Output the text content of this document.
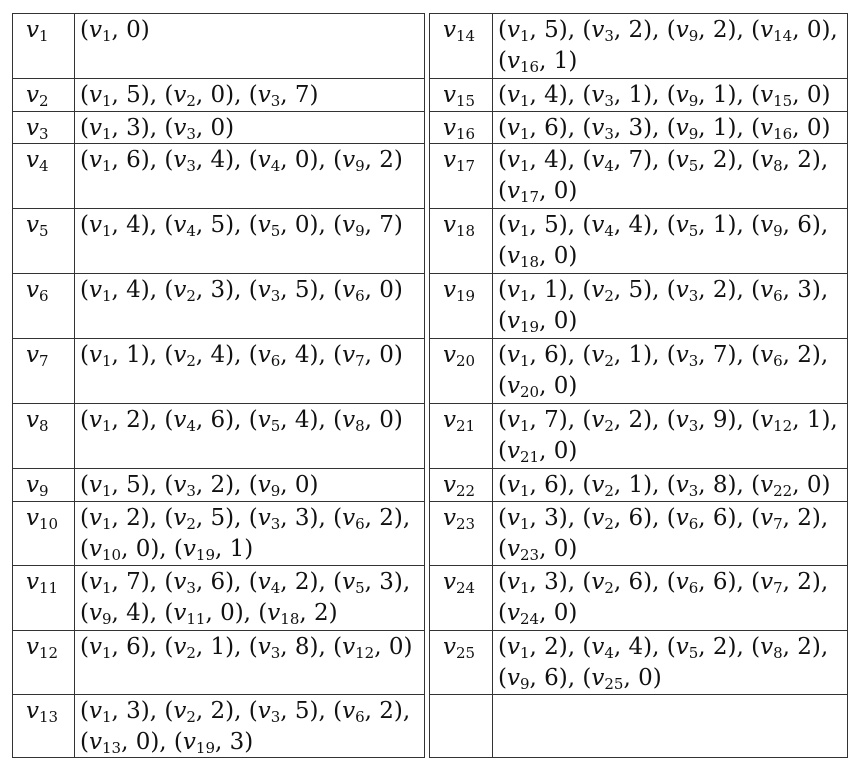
$v_1$ ($v_1$, 0)
$v_2$ ($v_1$, 5), ($v_2$, 0), ($v_3$, 7)
$v_3$ ($v_1$, 3), ($v_3$, 0)
$v_4$ ($v_1$, 6), ($v_3$, 4), ($v_4$, 0), ($v_9$, 2)
$v_5$ ($v_1$, 4), ($v_4$, 5), ($v_5$, 0), ($v_9$, 7)
$v_6$ ($v_1$, 4), ($v_2$, 3), ($v_3$, 5), ($v_6$, 0)
$v_7$ ($v_1$, 1), ($v_2$, 4), ($v_6$, 4), ($v_7$, 0)
$v_8$ ($v_1$, 2), ($v_4$, 6), ($v_5$, 4), ($v_8$, 0)
$v_9$ ($v_1$, 5), ($v_3$, 2), ($v_9$, 0)
$v_{10}$ ($v_1$, 2), ($v_2$, 5), ($v_3$, 3), ($v_6$, 2),
($v_{10}$, 0), ($v_{19}$, 1)
$v_{11}$ ($v_1$, 7), ($v_3$, 6), ($v_4$, 2), ($v_5$, 3),
($v_9$, 4), ($v_{11}$, 0), ($v_{18}$, 2)
$v_{12}$ ($v_1$, 6), ($v_2$, 1), ($v_3$, 8), ($v_{12}$, 0)
$v_{13}$ ($v_1$, 3), ($v_2$, 2), ($v_3$, 5), ($v_6$, 2),
($v_{13}$, 0), ($v_{19}$, 3)
$v_{14}$ ($v_1$, 5), ($v_3$, 2), ($v_9$, 2), ($v_{14}$, 0),
($v_{16}$, 1)
$v_{15}$ ($v_1$, 4), ($v_3$, 1), ($v_9$, 1), ($v_{15}$, 0)
$v_{16}$ ($v_1$, 6), ($v_3$, 3), ($v_9$, 1), ($v_{16}$, 0)
$v_{17}$ ($v_1$, 4), ($v_4$, 7), ($v_5$, 2), ($v_8$, 2),
($v_{17}$, 0)
$v_{18}$ ($v_1$, 5), ($v_4$, 4), ($v_5$, 1), ($v_9$, 6),
($v_{18}$, 0)
$v_{19}$ ($v_1$, 1), ($v_2$, 5), ($v_3$, 2), ($v_6$, 3),
($v_{19}$, 0)
$v_{20}$ ($v_1$, 6), ($v_2$, 1), ($v_3$, 7), ($v_6$, 2),
($v_{20}$, 0)
$v_{21}$ ($v_1$, 7), ($v_2$, 2), ($v_3$, 9), ($v_{12}$, 1),
($v_{21}$, 0)
$v_{22}$ ($v_1$, 6), ($v_2$, 1), ($v_3$, 8), ($v_{22}$, 0)
$v_{23}$ ($v_1$, 3), ($v_2$, 6), ($v_6$, 6), ($v_7$, 2),
($v_{23}$, 0)
$v_{24}$ ($v_1$, 3), ($v_2$, 6), ($v_6$, 6), ($v_7$, 2),
($v_{24}$, 0)
$v_{25}$ ($v_1$, 2), ($v_4$, 4), ($v_5$, 2), ($v_8$, 2),
($v_9$, 6), ($v_{25}$, 0)
